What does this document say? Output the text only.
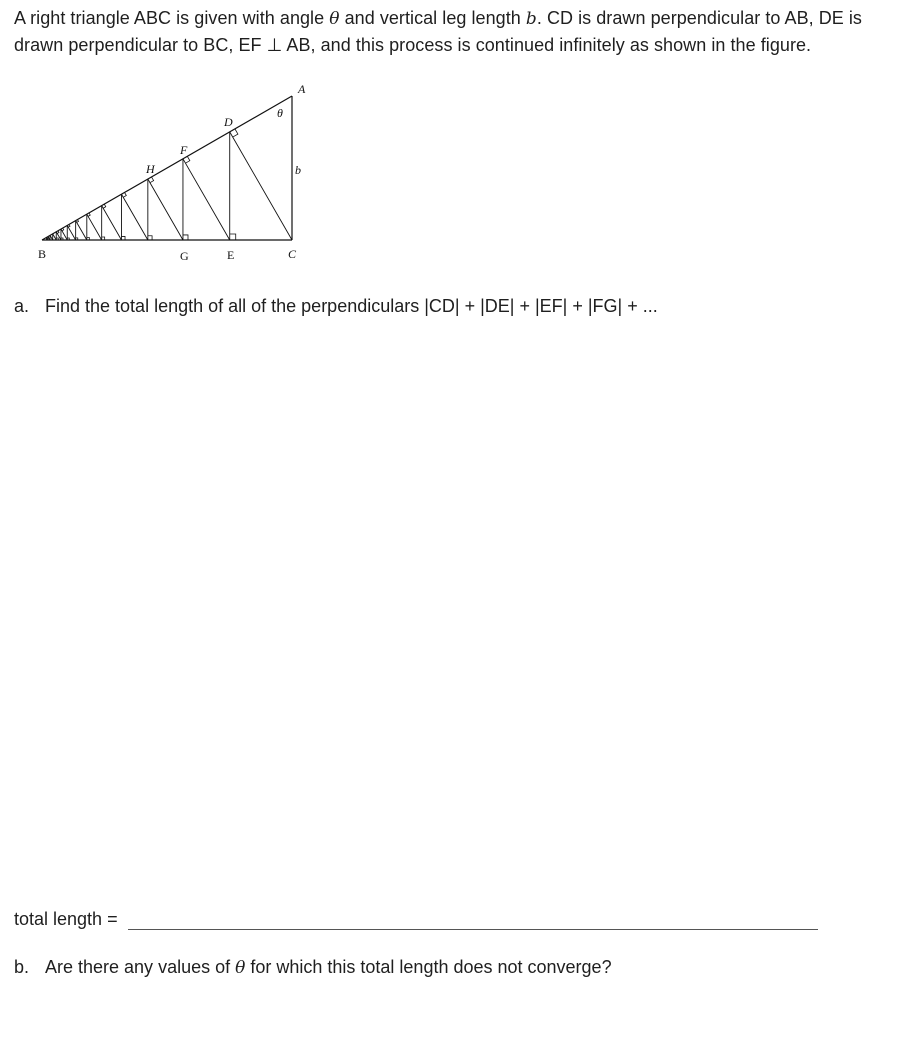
A right triangle ABC is given with angle θ and vertical leg length b. CD is drawn perpendicular to AB, DE is drawn perpendicular to BC, EF ⊥ AB, and this process is continued infinitely as shown in the figure.
A
B	C
D
E
F
G
H
θ
b
a. Find the total length of all of the perpendiculars |CD| + |DE| + |EF| + |FG| + ...
total length =
b. Are there any values of θ for which this total length does not converge?
